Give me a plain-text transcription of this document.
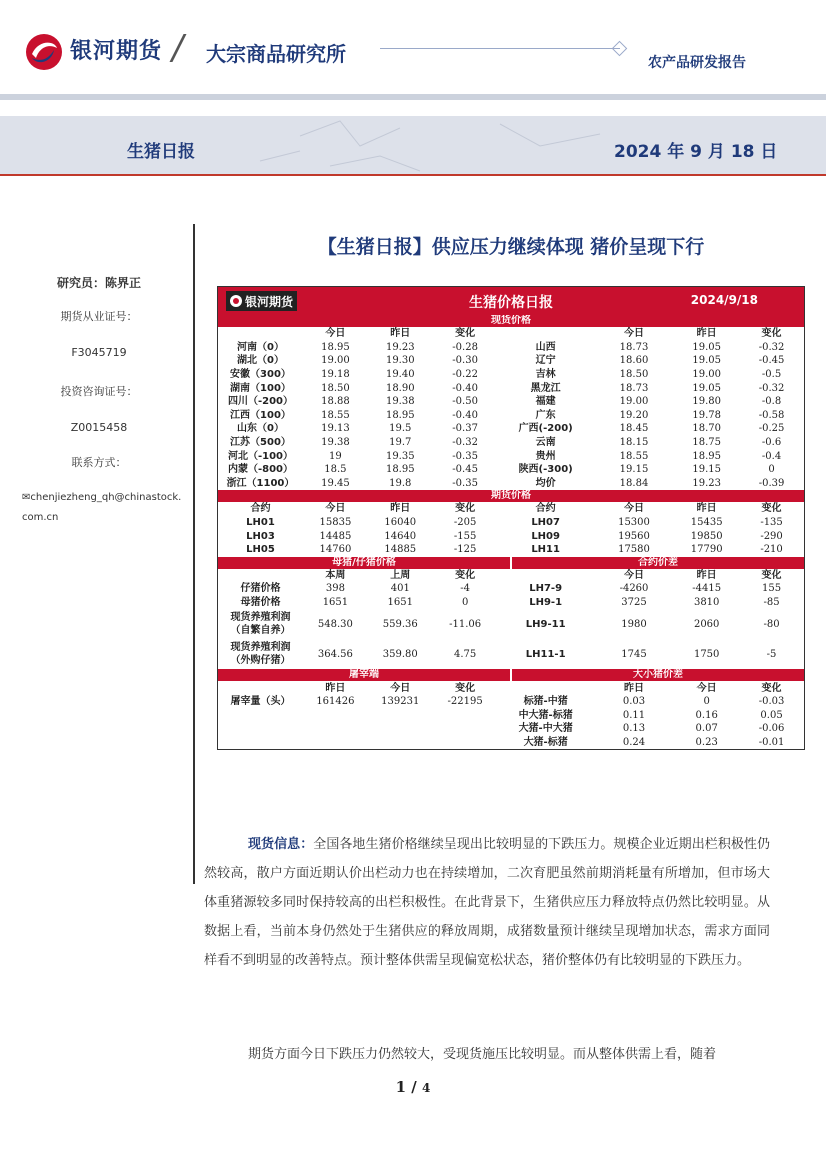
银河期货 / 大宗商品研究所	农产品研发报告
生猪日报	2024 年 9 月 18 日
研究员：陈界正
期货从业证号：
F3045719
投资咨询证号：
Z0015458
联系方式：
✉chenjiezheng_qh@chinastock.com.cn
【生猪日报】供应压力继续体现 猪价呈现下行
银河期货	生猪价格日报	2024/9/18
现货价格
	今日	昨日	变化		今日	昨日	变化
河南（0）	18.95	19.23	-0.28	山西	18.73	19.05	-0.32
湖北（0）	19.00	19.30	-0.30	辽宁	18.60	19.05	-0.45
安徽（300）	19.18	19.40	-0.22	吉林	18.50	19.00	-0.5
湖南（100）	18.50	18.90	-0.40	黑龙江	18.73	19.05	-0.32
四川（-200）	18.88	19.38	-0.50	福建	19.00	19.80	-0.8
江西（100）	18.55	18.95	-0.40	广东	19.20	19.78	-0.58
山东（0）	19.13	19.5	-0.37	广西(-200)	18.45	18.70	-0.25
江苏（500）	19.38	19.7	-0.32	云南	18.15	18.75	-0.6
河北（-100）	19	19.35	-0.35	贵州	18.55	18.95	-0.4
内蒙（-800）	18.5	18.95	-0.45	陕西(-300)	19.15	19.15	0
浙江（1100）	19.45	19.8	-0.35	均价	18.84	19.23	-0.39
期货价格
合约	今日	昨日	变化	合约	今日	昨日	变化
LH01	15835	16040	-205	LH07	15300	15435	-135
LH03	14485	14640	-155	LH09	19560	19850	-290
LH05	14760	14885	-125	LH11	17580	17790	-210
母猪/仔猪价格	合约价差
	本周	上周	变化		今日	昨日	变化

仔猪价格	398	401	-4	LH7-9	-4260	-4415	155

母猪价格	1651	1651	0	LH9-1	3725	3810	-85

现货养殖利润
（自繁自养）	548.30	559.36	-11.06	LH9-11	1980	2060	-80

现货养殖利润
（外购仔猪）	364.56	359.80	4.75	LH11-1	1745	1750	-5
屠宰端	大小猪价差
	昨日	今日	变化		昨日	今日	变化
屠宰量（头）	161426	139231	-22195	标猪-中猪	0.03	0	-0.03
				中大猪-标猪	0.11	0.16	0.05
				大猪-中大猪	0.13	0.07	-0.06
				大猪-标猪	0.24	0.23	-0.01
现货信息：全国各地生猪价格继续呈现出比较明显的下跌压力。规模企业近期出栏积极性仍然较高，散户方面近期认价出栏动力也在持续增加，二次育肥虽然前期消耗量有所增加，但市场大体重猪源较多同时保持较高的出栏积极性。在此背景下，生猪供应压力释放特点仍然比较明显。从数据上看，当前本身仍然处于生猪供应的释放周期，成猪数量预计继续呈现增加状态，需求方面同样看不到明显的改善特点。预计整体供需呈现偏宽松状态，猪价整体仍有比较明显的下跌压力。
期货方面今日下跌压力仍然较大，受现货施压比较明显。而从整体供需上看，随着
1 / 4
